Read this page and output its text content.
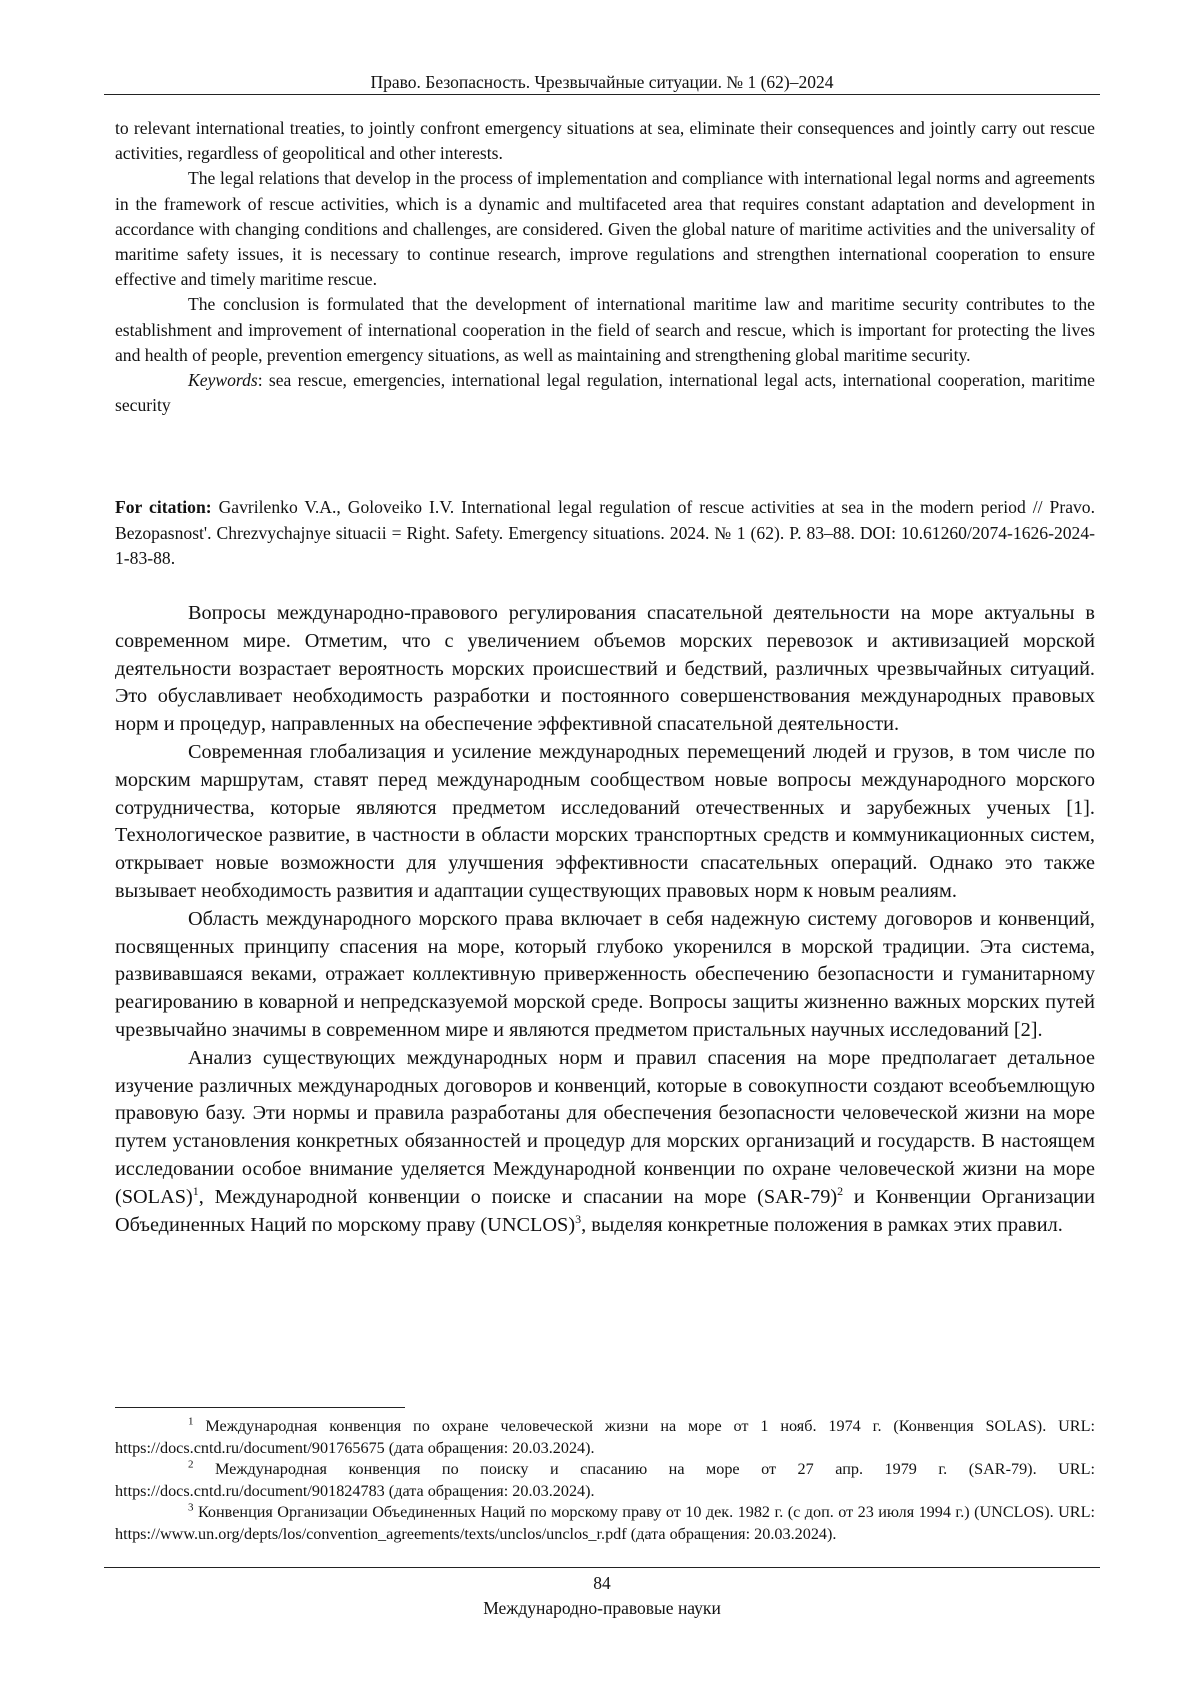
Право. Безопасность. Чрезвычайные ситуации. № 1 (62)–2024

to relevant international treaties, to jointly confront emergency situations at sea, eliminate their consequences and jointly carry out rescue activities, regardless of geopolitical and other interests.

The legal relations that develop in the process of implementation and compliance with international legal norms and agreements in the framework of rescue activities, which is a dynamic and multifaceted area that requires constant adaptation and development in accordance with changing conditions and challenges, are considered. Given the global nature of maritime activities and the universality of maritime safety issues, it is necessary to continue research, improve regulations and strengthen international cooperation to ensure effective and timely maritime rescue.

The conclusion is formulated that the development of international maritime law and maritime security contributes to the establishment and improvement of international cooperation in the field of search and rescue, which is important for protecting the lives and health of people, prevention emergency situations, as well as maintaining and strengthening global maritime security.

Keywords: sea rescue, emergencies, international legal regulation, international legal acts, international cooperation, maritime security

For citation: Gavrilenko V.A., Goloveiko I.V. International legal regulation of rescue activities at sea in the modern period // Pravo. Bezopasnost'. Chrezvychajnye situacii = Right. Safety. Emergency situations. 2024. № 1 (62). P. 83–88. DOI: 10.61260/2074-1626-2024-1-83-88.

Вопросы международно-правового регулирования спасательной деятельности на море актуальны в современном мире. Отметим, что с увеличением объемов морских перевозок и активизацией морской деятельности возрастает вероятность морских происшествий и бедствий, различных чрезвычайных ситуаций. Это обуславливает необходимость разработки и постоянного совершенствования международных правовых норм и процедур, направленных на обеспечение эффективной спасательной деятельности.

Современная глобализация и усиление международных перемещений людей и грузов, в том числе по морским маршрутам, ставят перед международным сообществом новые вопросы международного морского сотрудничества, которые являются предметом исследований отечественных и зарубежных ученых [1]. Технологическое развитие, в частности в области морских транспортных средств и коммуникационных систем, открывает новые возможности для улучшения эффективности спасательных операций. Однако это также вызывает необходимость развития и адаптации существующих правовых норм к новым реалиям.

Область международного морского права включает в себя надежную систему договоров и конвенций, посвященных принципу спасения на море, который глубоко укоренился в морской традиции. Эта система, развивавшаяся веками, отражает коллективную приверженность обеспечению безопасности и гуманитарному реагированию в коварной и непредсказуемой морской среде. Вопросы защиты жизненно важных морских путей чрезвычайно значимы в современном мире и являются предметом пристальных научных исследований [2].

Анализ существующих международных норм и правил спасения на море предполагает детальное изучение различных международных договоров и конвенций, которые в совокупности создают всеобъемлющую правовую базу. Эти нормы и правила разработаны для обеспечения безопасности человеческой жизни на море путем установления конкретных обязанностей и процедур для морских организаций и государств. В настоящем исследовании особое внимание уделяется Международной конвенции по охране человеческой жизни на море (SOLAS)$^1$, Международной конвенции о поиске и спасании на море $(SAR-79)^2$ и Конвенции Организации Объединенных Наций по морскому праву (UNCLOS)$^3$, выделяя конкретные положения в рамках этих правил.

$^1$ Международная конвенция по охране человеческой жизни на море от 1 нояб. 1974 г. (Конвенция SOLAS). URL: https://docs.cntd.ru/document/901765675 (дата обращения: 20.03.2024).

$^2$ Международная конвенция по поиску и спасанию на море от 27 апр. 1979 г. (SAR-79). URL: https://docs.cntd.ru/document/901824783 (дата обращения: 20.03.2024).

$^3$ Конвенция Организации Объединенных Наций по морскому праву от 10 дек. 1982 г. (с доп. от 23 июля 1994 г.) (UNCLOS). URL: https://www.un.org/depts/los/convention_agreements/texts/unclos/unclos_r.pdf (дата обращения: 20.03.2024).

84
Международно-правовые науки
